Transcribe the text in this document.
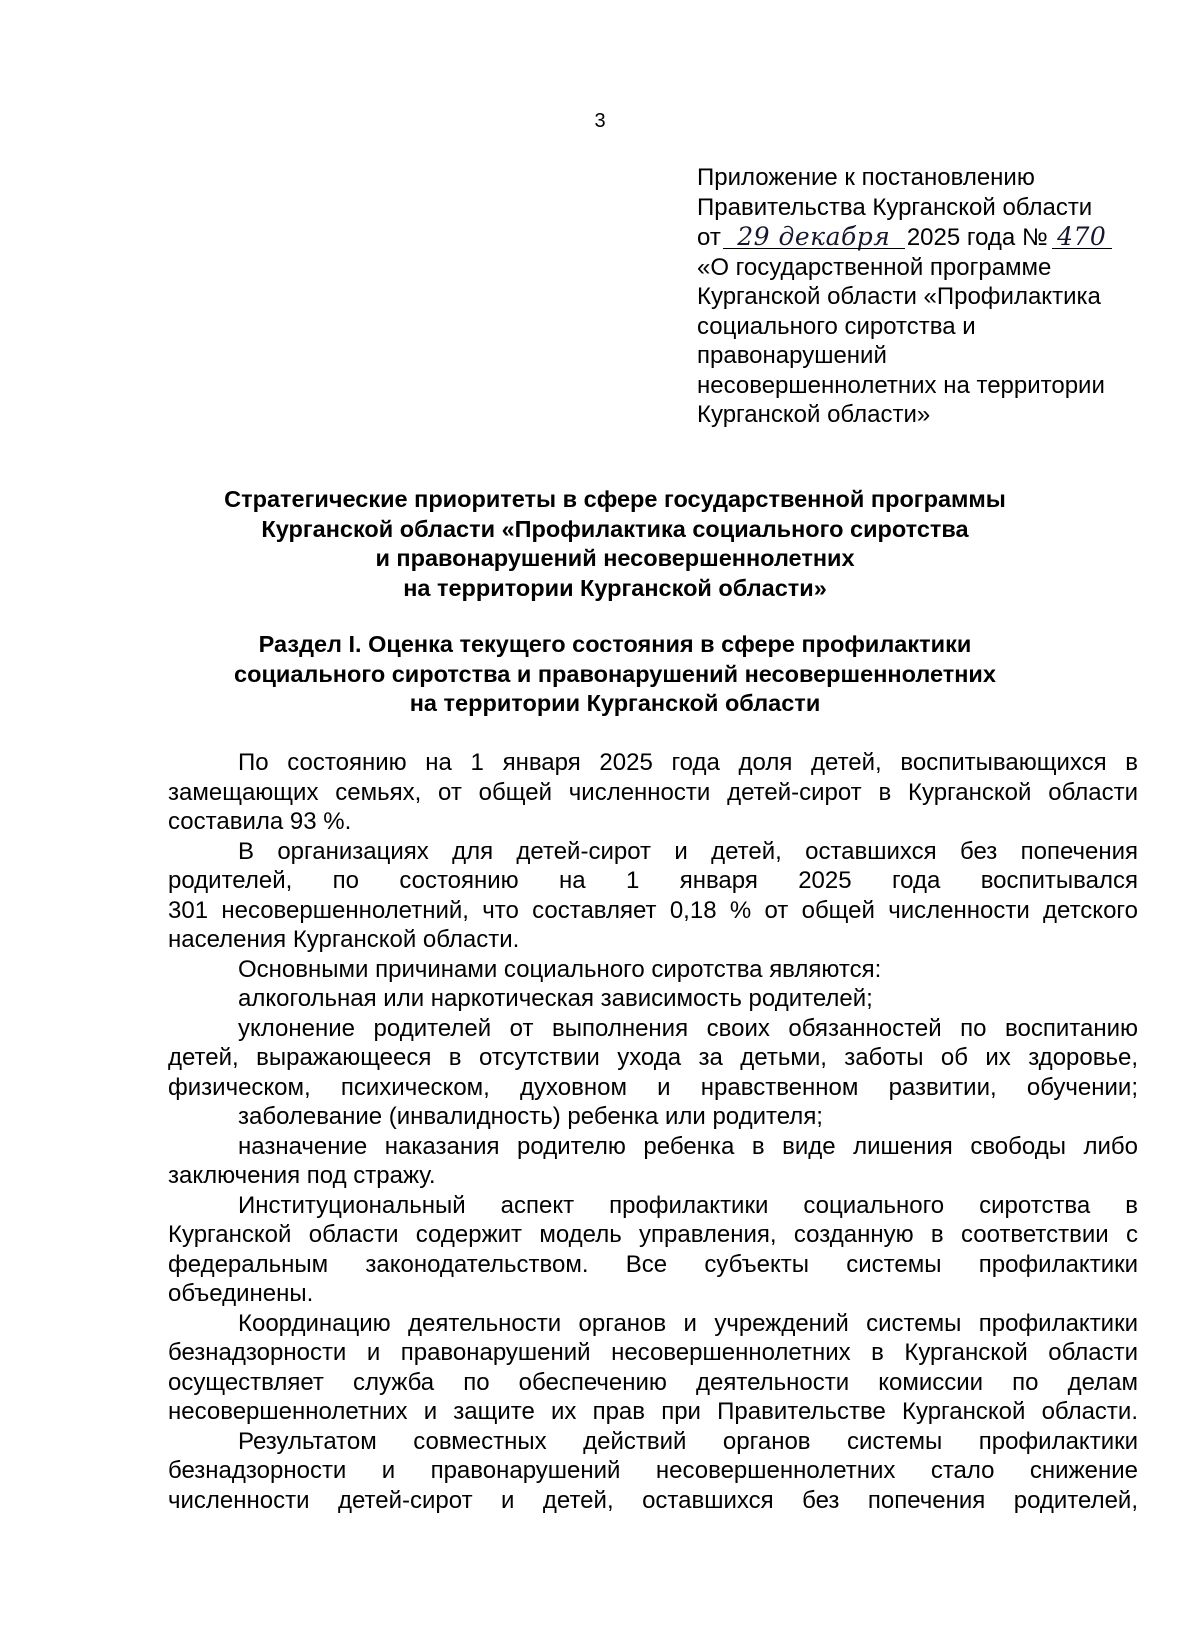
3
Приложение к постановлению
Правительства Курганской области
от 29 декабря 2025 года № 470
«О государственной программе
Курганской области «Профилактика
социального сиротства и
правонарушений
несовершеннолетних на территории
Курганской области»
Стратегические приоритеты в сфере государственной программы
Курганской области «Профилактика социального сиротства
и правонарушений несовершеннолетних
на территории Курганской области»
Раздел I. Оценка текущего состояния в сфере профилактики
социального сиротства и правонарушений несовершеннолетних
на территории Курганской области
По состоянию на 1 января 2025 года доля детей, воспитывающихся в
замещающих семьях, от общей численности детей-сирот в Курганской области
составила 93 %.
В организациях для детей-сирот и детей, оставшихся без попечения
родителей, по состоянию на 1 января 2025 года воспитывался
301 несовершеннолетний, что составляет 0,18 % от общей численности детского
населения Курганской области.
Основными причинами социального сиротства являются:
алкогольная или наркотическая зависимость родителей;
уклонение родителей от выполнения своих обязанностей по воспитанию
детей, выражающееся в отсутствии ухода за детьми, заботы об их здоровье,
физическом, психическом, духовном и нравственном развитии, обучении;
заболевание (инвалидность) ребенка или родителя;
назначение наказания родителю ребенка в виде лишения свободы либо
заключения под стражу.
Институциональный аспект профилактики социального сиротства в
Курганской области содержит модель управления, созданную в соответствии с
федеральным законодательством. Все субъекты системы профилактики
объединены.
Координацию деятельности органов и учреждений системы профилактики
безнадзорности и правонарушений несовершеннолетних в Курганской области
осуществляет служба по обеспечению деятельности комиссии по делам
несовершеннолетних и защите их прав при Правительстве Курганской области.
Результатом совместных действий органов системы профилактики
безнадзорности и правонарушений несовершеннолетних стало снижение
численности детей-сирот и детей, оставшихся без попечения родителей,
